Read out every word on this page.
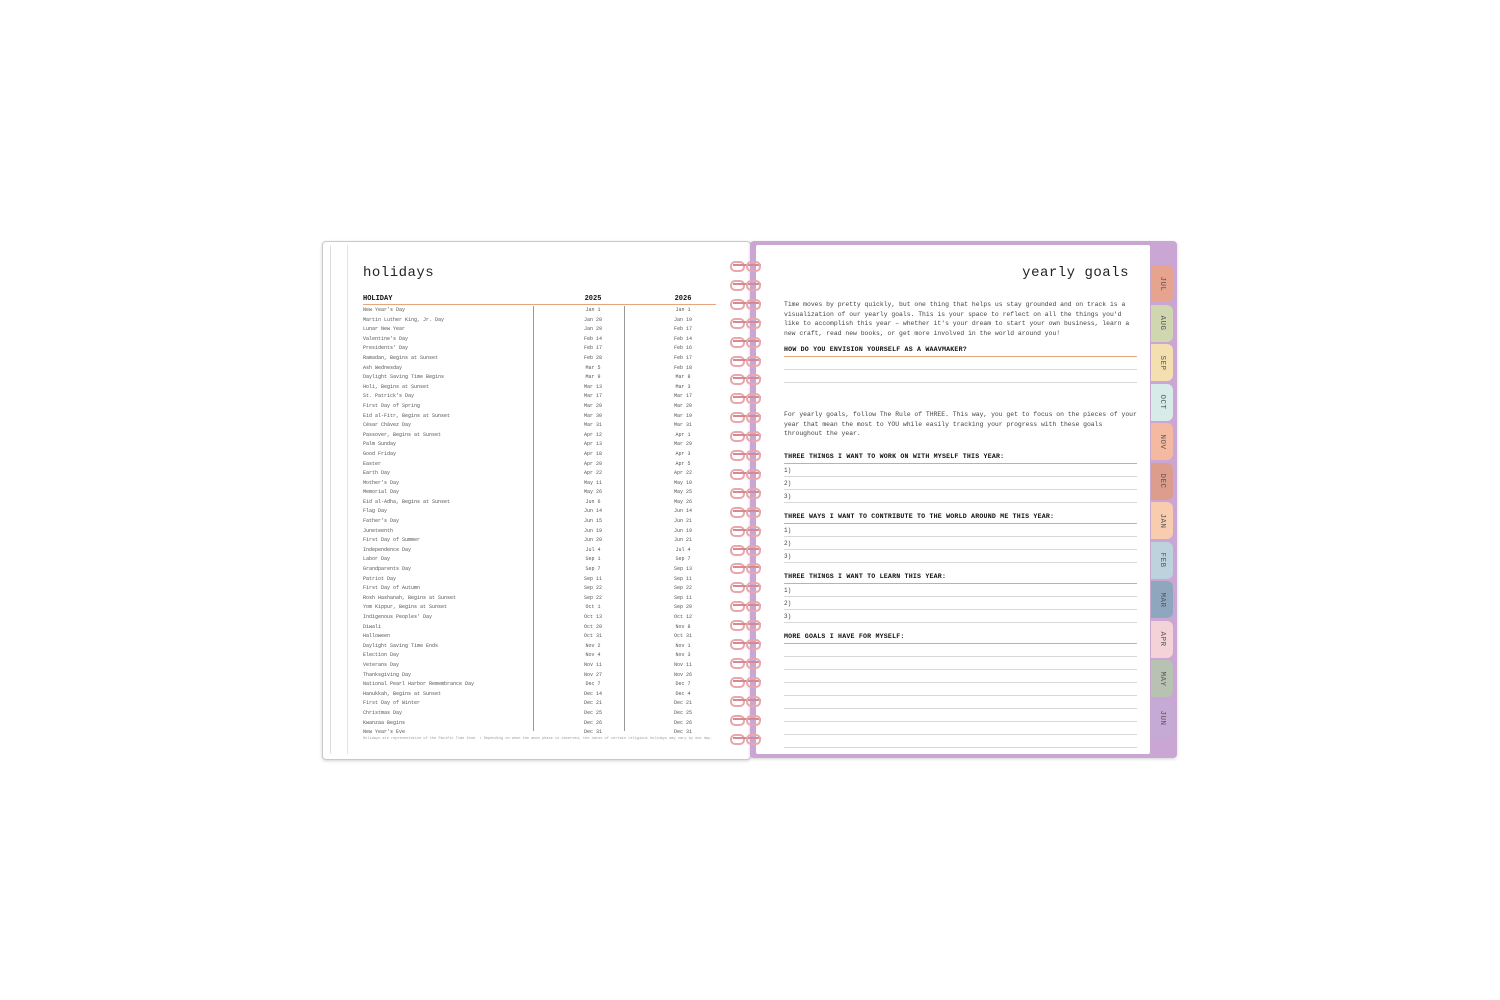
holidays
HOLIDAY	2025	2026
New Year's Day	Jan 1	Jan 1
Martin Luther King, Jr. Day	Jan 20	Jan 19
Lunar New Year	Jan 29	Feb 17
Valentine's Day	Feb 14	Feb 14
Presidents' Day	Feb 17	Feb 16
Ramadan, Begins at Sunset	Feb 28	Feb 17
Ash Wednesday	Mar 5	Feb 18
Daylight Saving Time Begins	Mar 9	Mar 8
Holi, Begins at Sunset	Mar 13	Mar 3
St. Patrick's Day	Mar 17	Mar 17
First Day of Spring	Mar 20	Mar 20
Eid al-Fitr, Begins at Sunset	Mar 30	Mar 19
César Chávez Day	Mar 31	Mar 31
Passover, Begins at Sunset	Apr 12	Apr 1
Palm Sunday	Apr 13	Mar 29
Good Friday	Apr 18	Apr 3
Easter	Apr 20	Apr 5
Earth Day	Apr 22	Apr 22
Mother's Day	May 11	May 10
Memorial Day	May 26	May 25
Eid al-Adha, Begins at Sunset	Jun 6	May 26
Flag Day	Jun 14	Jun 14
Father's Day	Jun 15	Jun 21
Juneteenth	Jun 19	Jun 19
First Day of Summer	Jun 20	Jun 21
Independence Day	Jul 4	Jul 4
Labor Day	Sep 1	Sep 7
Grandparents Day	Sep 7	Sep 13
Patriot Day	Sep 11	Sep 11
First Day of Autumn	Sep 22	Sep 22
Rosh Hashanah, Begins at Sunset	Sep 22	Sep 11
Yom Kippur, Begins at Sunset	Oct 1	Sep 20
Indigenous Peoples' Day	Oct 13	Oct 12
Diwali	Oct 20	Nov 8
Halloween	Oct 31	Oct 31
Daylight Saving Time Ends	Nov 2	Nov 1
Election Day	Nov 4	Nov 3
Veterans Day	Nov 11	Nov 11
Thanksgiving Day	Nov 27	Nov 26
National Pearl Harbor Remembrance Day	Dec 7	Dec 7
Hanukkah, Begins at Sunset	Dec 14	Dec 4
First Day of Winter	Dec 21	Dec 21
Christmas Day	Dec 25	Dec 25
Kwanzaa Begins	Dec 26	Dec 26
New Year's Eve	Dec 31	Dec 31
Holidays are representative of the Pacific Time Zone. • Depending on when the moon phase is observed, the dates of certain religious holidays may vary by one day.
JUL
AUG
SEP
OCT
NOV
DEC
JAN
FEB
MAR
APR
MAY
JUN
yearly goals
Time moves by pretty quickly, but one thing that helps us stay grounded and on track is a visualization of our yearly goals. This is your space to reflect on all the things you'd like to accomplish this year – whether it's your dream to start your own business, learn a new craft, read new books, or get more involved in the world around you!
HOW DO YOU ENVISION YOURSELF AS A WAAVMAKER?
For yearly goals, follow The Rule of THREE. This way, you get to focus on the pieces of your year that mean the most to YOU while easily tracking your progress with these goals throughout the year.
THREE THINGS I WANT TO WORK ON WITH MYSELF THIS YEAR:
1)
2)
3)
THREE WAYS I WANT TO CONTRIBUTE TO THE WORLD AROUND ME THIS YEAR:
1)
2)
3)
THREE THINGS I WANT TO LEARN THIS YEAR:
1)
2)
3)
MORE GOALS I HAVE FOR MYSELF:
